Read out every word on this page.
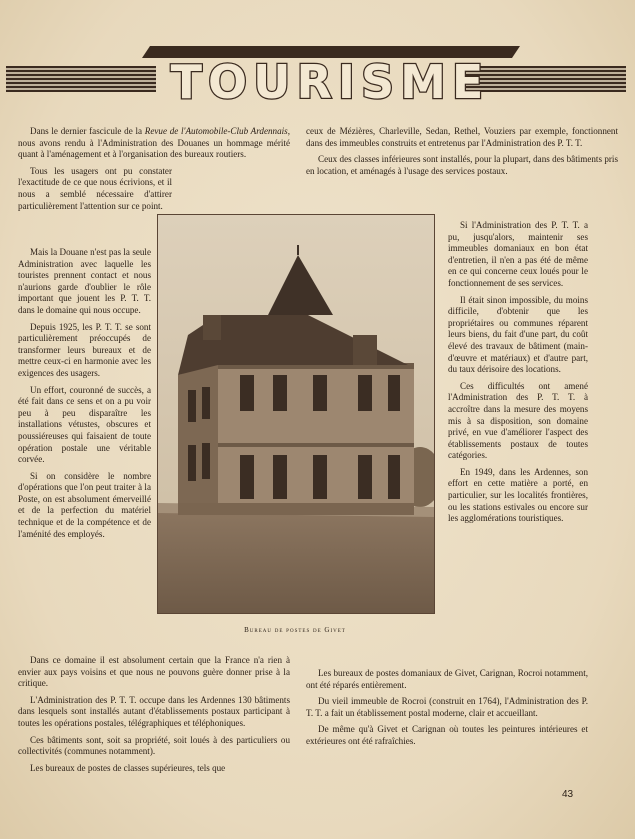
TOURISME

Dans le dernier fascicule de la Revue de l'Automobile-Club Ardennais, nous avons rendu à l'Administration des Douanes un hommage mérité quant à l'aménagement et à l'organisation des bureaux routiers.

Tous les usagers ont pu constater l'exactitude de ce que nous écrivions, et il nous a semblé nécessaire d'attirer particulièrement l'attention sur ce point.

Mais la Douane n'est pas la seule Administration avec laquelle les touristes prennent contact et nous n'aurions garde d'oublier le rôle important que jouent les P. T. T. dans le domaine qui nous occupe.

Depuis 1925, les P. T. T. se sont particulièrement préoccupés de transformer leurs bureaux et de mettre ceux-ci en harmonie avec les exigences des usagers.

Un effort, couronné de succès, a été fait dans ce sens et on a pu voir peu à peu disparaître les installations vétustes, obscures et poussiéreuses qui faisaient de toute opération postale une véritable corvée.

Si on considère le nombre d'opérations que l'on peut traiter à la Poste, on est absolument émerveillé et de la perfection du matériel technique et de la compétence et de l'aménité des employés.

Dans ce domaine il est absolument certain que la France n'a rien à envier aux pays voisins et que nous ne pouvons guère donner prise à la critique.

L'Administration des P. T. T. occupe dans les Ardennes 130 bâtiments dans lesquels sont installés autant d'établissements postaux participant à toutes les opérations postales, télégraphiques et téléphoniques.

Ces bâtiments sont, soit sa propriété, soit loués à des particuliers ou collectivités (communes notamment).

Les bureaux de postes de classes supérieures, tels que

ceux de Mézières, Charleville, Sedan, Rethel, Vouziers par exemple, fonctionnent dans des immeubles construits et entretenus par l'Administration des P. T. T.

Ceux des classes inférieures sont installés, pour la plupart, dans des bâtiments pris en location, et aménagés à l'usage des services postaux.

Si l'Administration des P. T. T. a pu, jusqu'alors, maintenir ses immeubles domaniaux en bon état d'entretien, il n'en a pas été de même en ce qui concerne ceux loués pour le fonctionnement de ses services.

Il était sinon impossible, du moins difficile, d'obtenir que les propriétaires ou communes réparent leurs biens, du fait d'une part, du coût élevé des travaux de bâtiment (main-d'œuvre et matériaux) et d'autre part, du taux dérisoire des locations.

Ces difficultés ont amené l'Administration des P. T. T. à accroître dans la mesure des moyens mis à sa disposition, son domaine privé, en vue d'améliorer l'aspect des établissements postaux de toutes catégories.

En 1949, dans les Ardennes, son effort en cette matière a porté, en particulier, sur les localités frontières, ou les stations estivales ou encore sur les agglomérations touristiques.

Les bureaux de postes domaniaux de Givet, Carignan, Rocroi notamment, ont été réparés entièrement.

Du vieil immeuble de Rocroi (construit en 1764), l'Administration des P. T. T. a fait un établissement postal moderne, clair et accueillant.

De même qu'à Givet et Carignan où toutes les peintures intérieures et extérieures ont été rafraîchies.

Bureau de postes de Givet
43
